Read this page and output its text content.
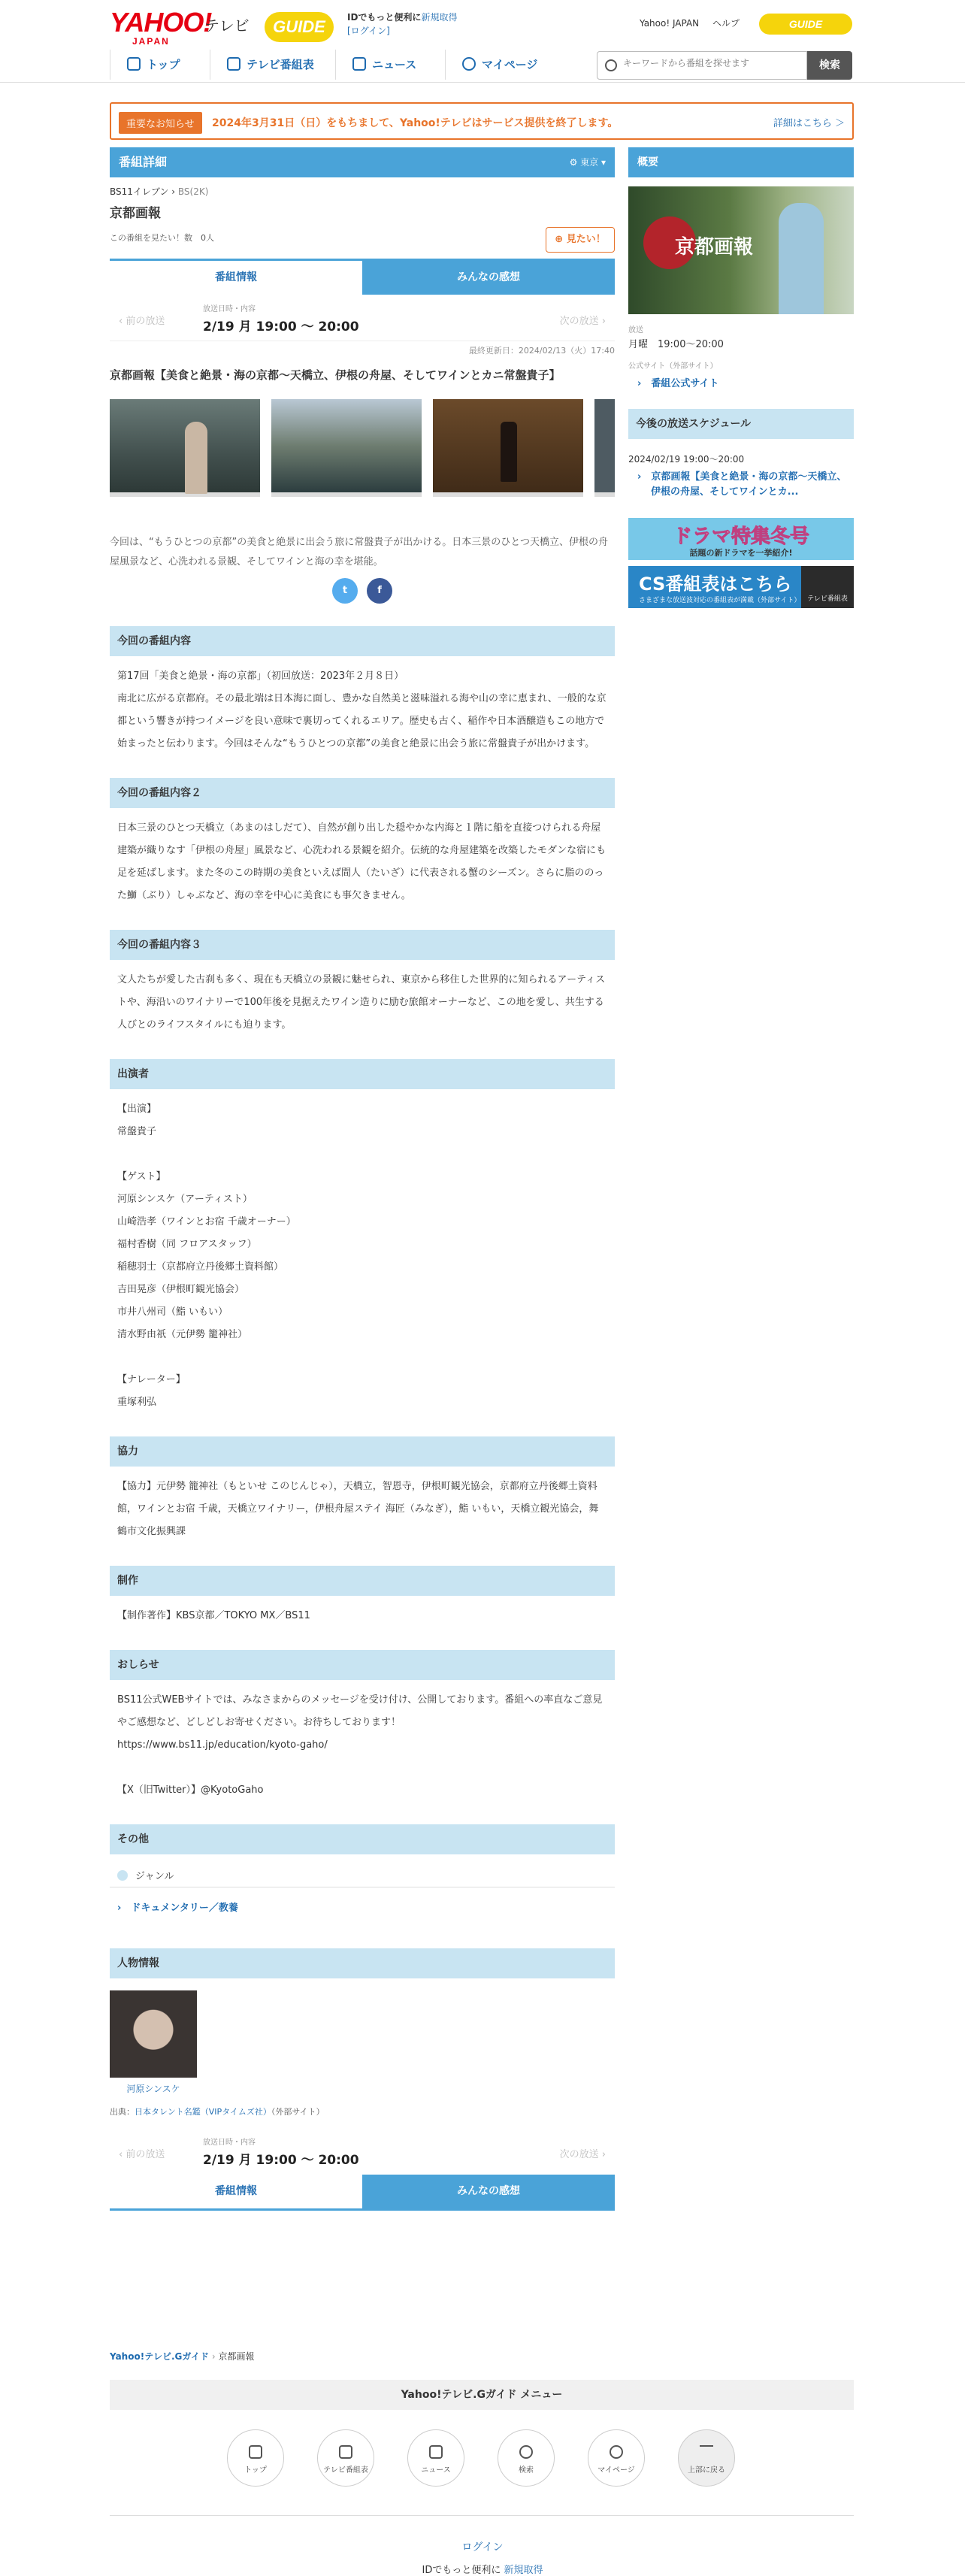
YAHOO!
JAPAN
テレビ	GUIDE	IDでもっと便利に新規取得
[ログイン]
Yahoo! JAPAN ヘルプ	GUIDE
トップ	テレビ番組表	ニュース	マイページ
キーワードから番組を探せます	検索
重要なお知らせ	2024年3月31日（日）をもちまして、Yahoo!テレビはサービス提供を終了します。	詳細はこちら ＞
番組詳細	⚙ 東京 ▾
BS11イレブン › BS(2K)
京都画報
この番組を見たい！数　0人	⊕ 見たい！
番組情報	みんなの感想
‹ 前の放送
放送日時・内容
2/19 月 19:00 〜 20:00	次の放送 ›
最終更新日：2024/02/13（火）17:40
京都画報【美食と絶景・海の京都〜天橋立、伊根の舟屋、そしてワインとカニ常盤貴子】
今回は、“もうひとつの京都”の美食と絶景に出会う旅に常盤貴子が出かける。日本三景のひとつ天橋立、伊根の舟屋風景など、心洗われる景観、そしてワインと海の幸を堪能。
t	f
今回の番組内容

第17回「美食と絶景・海の京都」（初回放送：2023年２月８日）

南北に広がる京都府。その最北端は日本海に面し、豊かな自然美と滋味溢れる海や山の幸に恵まれ、一般的な京都という響きが持つイメージを良い意味で裏切ってくれるエリア。歴史も古く、稲作や日本酒醸造もこの地方で始まったと伝わります。今回はそんな“もうひとつの京都”の美食と絶景に出会う旅に常盤貴子が出かけます。

今回の番組内容２

日本三景のひとつ天橋立（あまのはしだて）、自然が創り出した穏やかな内海と１階に船を直接つけられる舟屋建築が織りなす「伊根の舟屋」風景など、心洗われる景観を紹介。伝統的な舟屋建築を改築したモダンな宿にも足を延ばします。また冬のこの時期の美食といえば間人（たいざ）に代表される蟹のシーズン。さらに脂ののった鰤（ぶり）しゃぶなど、海の幸を中心に美食にも事欠きません。

今回の番組内容３

文人たちが愛した古刹も多く、現在も天橋立の景観に魅せられ、東京から移住した世界的に知られるアーティストや、海沿いのワイナリーで100年後を見据えたワイン造りに励む旅館オーナーなど、この地を愛し、共生する人びとのライフスタイルにも迫ります。

出演者

【出演】

常盤貴子

【ゲスト】

河原シンスケ（アーティスト）

山崎浩孝（ワインとお宿 千歳オーナー）

福村香樹（同 フロアスタッフ）

稲穂羽士（京都府立丹後郷土資料館）

吉田晃彦（伊根町観光協会）

市井八州司（鮨 いもい）

清水野由祇（元伊勢 籠神社）

【ナレーター】

重塚利弘

協力

【協力】元伊勢 籠神社（もといせ このじんじゃ），天橋立，智恩寺，伊根町観光協会，京都府立丹後郷土資料館，ワインとお宿 千歳，天橋立ワイナリー，伊根舟屋ステイ 海匠（みなぎ），鮨 いもい，天橋立観光協会，舞鶴市文化振興課

制作

【制作著作】KBS京都／TOKYO MX／BS11

おしらせ

BS11公式WEBサイトでは、みなさまからのメッセージを受け付け、公開しております。番組への率直なご意見やご感想など、どしどしお寄せください。お待ちしております！

https://www.bs11.jp/education/kyoto-gaho/

【X（旧Twitter）】@KyotoGaho

その他
ジャンル
›　ドキュメンタリー／教養
人物情報
河原シンスケ
出典：日本タレント名鑑（VIPタイムズ社）（外部サイト）
‹ 前の放送
放送日時・内容
2/19 月 19:00 〜 20:00	次の放送 ›
番組情報	みんなの感想
概要
京都画報
放送
月曜　19:00〜20:00
公式サイト（外部サイト）
›　番組公式サイト
今後の放送スケジュール
2024/02/19 19:00〜20:00
›　京都画報【美食と絶景・海の京都〜天橋立、伊根の舟屋、そしてワインとカ...
ドラマ特集冬号
話題の新ドラマを一挙紹介!
CS番組表はこちら
さまざまな放送波対応の番組表が満載（外部サイト） テレビ番組表
Yahoo!テレビ.Gガイド › 京都画報
Yahoo!テレビ.Gガイド メニュー
トップ	テレビ番組表	ニュース	検索	マイページ	上部に戻る
ログイン
IDでもっと便利に 新規取得
